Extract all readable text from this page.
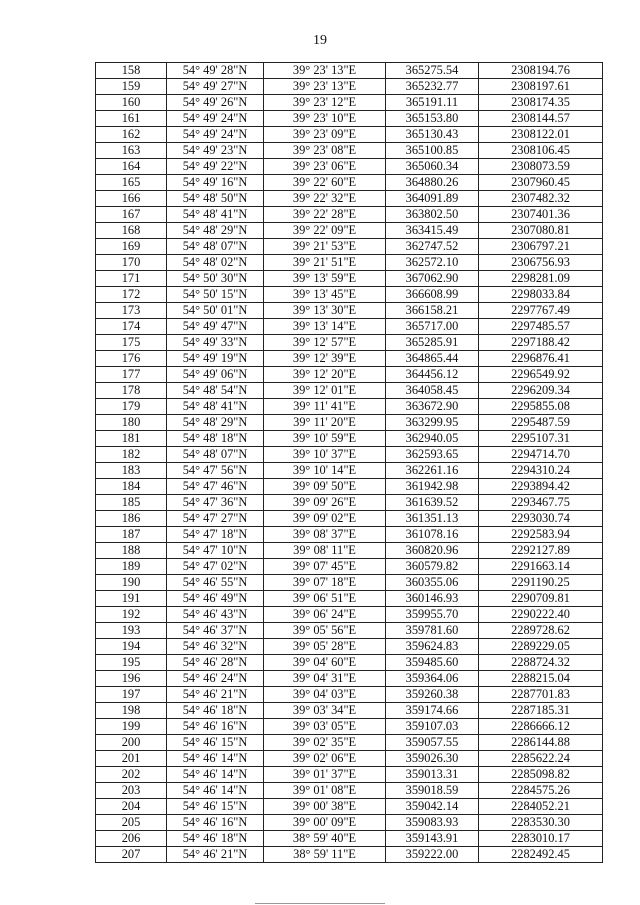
19
158	54° 49' 28"N	39° 23' 13"E	365275.54	2308194.76
159	54° 49' 27"N	39° 23' 13"E	365232.77	2308197.61
160	54° 49' 26"N	39° 23' 12"E	365191.11	2308174.35
161	54° 49' 24"N	39° 23' 10"E	365153.80	2308144.57
162	54° 49' 24"N	39° 23' 09"E	365130.43	2308122.01
163	54° 49' 23"N	39° 23' 08"E	365100.85	2308106.45
164	54° 49' 22"N	39° 23' 06"E	365060.34	2308073.59
165	54° 49' 16"N	39° 22' 60"E	364880.26	2307960.45
166	54° 48' 50"N	39° 22' 32"E	364091.89	2307482.32
167	54° 48' 41"N	39° 22' 28"E	363802.50	2307401.36
168	54° 48' 29"N	39° 22' 09"E	363415.49	2307080.81
169	54° 48' 07"N	39° 21' 53"E	362747.52	2306797.21
170	54° 48' 02"N	39° 21' 51"E	362572.10	2306756.93
171	54° 50' 30"N	39° 13' 59"E	367062.90	2298281.09
172	54° 50' 15"N	39° 13' 45"E	366608.99	2298033.84
173	54° 50' 01"N	39° 13' 30"E	366158.21	2297767.49
174	54° 49' 47"N	39° 13' 14"E	365717.00	2297485.57
175	54° 49' 33"N	39° 12' 57"E	365285.91	2297188.42
176	54° 49' 19"N	39° 12' 39"E	364865.44	2296876.41
177	54° 49' 06"N	39° 12' 20"E	364456.12	2296549.92
178	54° 48' 54"N	39° 12' 01"E	364058.45	2296209.34
179	54° 48' 41"N	39° 11' 41"E	363672.90	2295855.08
180	54° 48' 29"N	39° 11' 20"E	363299.95	2295487.59
181	54° 48' 18"N	39° 10' 59"E	362940.05	2295107.31
182	54° 48' 07"N	39° 10' 37"E	362593.65	2294714.70
183	54° 47' 56"N	39° 10' 14"E	362261.16	2294310.24
184	54° 47' 46"N	39° 09' 50"E	361942.98	2293894.42
185	54° 47' 36"N	39° 09' 26"E	361639.52	2293467.75
186	54° 47' 27"N	39° 09' 02"E	361351.13	2293030.74
187	54° 47' 18"N	39° 08' 37"E	361078.16	2292583.94
188	54° 47' 10"N	39° 08' 11"E	360820.96	2292127.89
189	54° 47' 02"N	39° 07' 45"E	360579.82	2291663.14
190	54° 46' 55"N	39° 07' 18"E	360355.06	2291190.25
191	54° 46' 49"N	39° 06' 51"E	360146.93	2290709.81
192	54° 46' 43"N	39° 06' 24"E	359955.70	2290222.40
193	54° 46' 37"N	39° 05' 56"E	359781.60	2289728.62
194	54° 46' 32"N	39° 05' 28"E	359624.83	2289229.05
195	54° 46' 28"N	39° 04' 60"E	359485.60	2288724.32
196	54° 46' 24"N	39° 04' 31"E	359364.06	2288215.04
197	54° 46' 21"N	39° 04' 03"E	359260.38	2287701.83
198	54° 46' 18"N	39° 03' 34"E	359174.66	2287185.31
199	54° 46' 16"N	39° 03' 05"E	359107.03	2286666.12
200	54° 46' 15"N	39° 02' 35"E	359057.55	2286144.88
201	54° 46' 14"N	39° 02' 06"E	359026.30	2285622.24
202	54° 46' 14"N	39° 01' 37"E	359013.31	2285098.82
203	54° 46' 14"N	39° 01' 08"E	359018.59	2284575.26
204	54° 46' 15"N	39° 00' 38"E	359042.14	2284052.21
205	54° 46' 16"N	39° 00' 09"E	359083.93	2283530.30
206	54° 46' 18"N	38° 59' 40"E	359143.91	2283010.17
207	54° 46' 21"N	38° 59' 11"E	359222.00	2282492.45
